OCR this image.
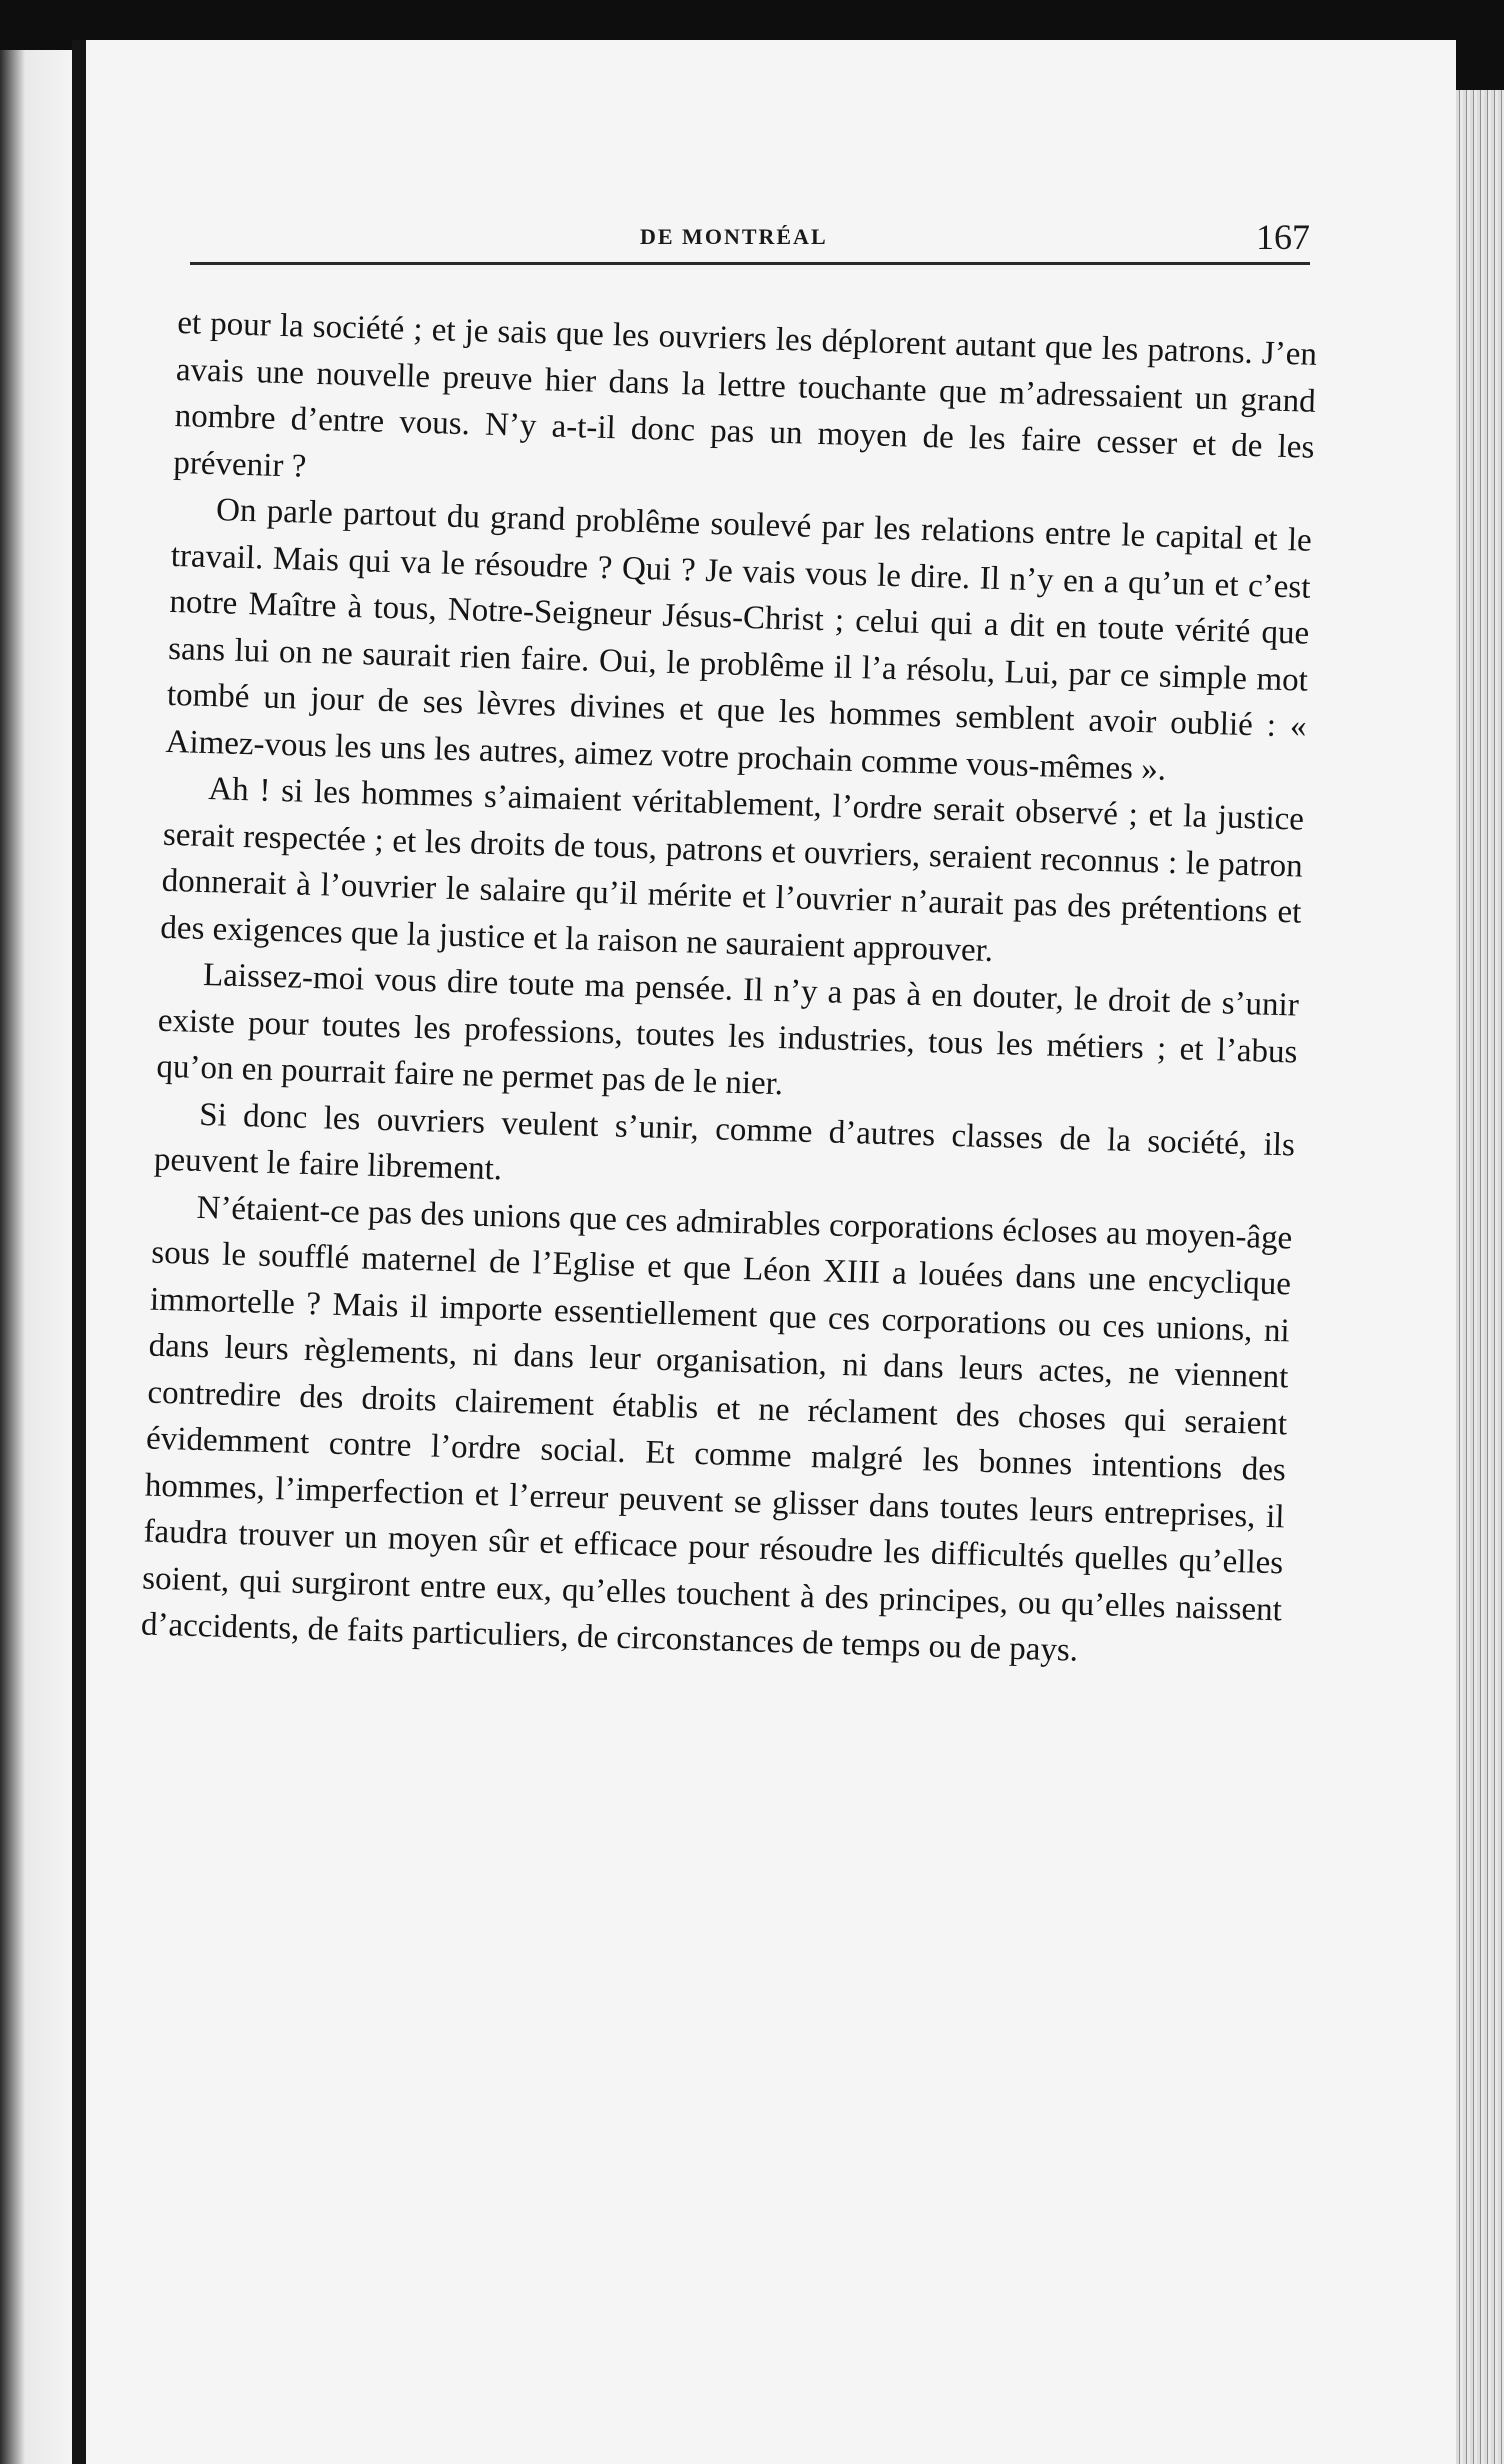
DE MONTRÉAL	167

et pour la société ; et je sais que les ouvriers les déplorent autant que les patrons. J’en avais une nouvelle preuve hier dans la lettre touchante que m’adressaient un grand nombre d’entre vous. N’y a-t-il donc pas un moyen de les faire cesser et de les prévenir ?

On parle partout du grand problême soulevé par les relations entre le capital et le travail. Mais qui va le résoudre ? Qui ? Je vais vous le dire. Il n’y en a qu’un et c’est notre Maître à tous, Notre-Seigneur Jésus-Christ ; celui qui a dit en toute vérité que sans lui on ne saurait rien faire. Oui, le problême il l’a résolu, Lui, par ce simple mot tombé un jour de ses lèvres divines et que les hommes semblent avoir oublié : « Aimez-vous les uns les autres, aimez votre prochain comme vous-mêmes ».

Ah ! si les hommes s’aimaient véritablement, l’ordre serait observé ; et la justice serait respectée ; et les droits de tous, patrons et ouvriers, seraient reconnus : le patron donnerait à l’ouvrier le salaire qu’il mérite et l’ouvrier n’aurait pas des prétentions et des exigences que la justice et la raison ne sauraient approuver.

Laissez-moi vous dire toute ma pensée. Il n’y a pas à en douter, le droit de s’unir existe pour toutes les professions, toutes les industries, tous les métiers ; et l’abus qu’on en pourrait faire ne permet pas de le nier.

Si donc les ouvriers veulent s’unir, comme d’autres classes de la société, ils peuvent le faire librement.

N’étaient-ce pas des unions que ces admirables corporations écloses au moyen-âge sous le soufflé maternel de l’Eglise et que Léon XIII a louées dans une encyclique immortelle ? Mais il importe essentiellement que ces corporations ou ces unions, ni dans leurs règlements, ni dans leur organisation, ni dans leurs actes, ne viennent contredire des droits clairement établis et ne réclament des choses qui seraient évidemment contre l’ordre social. Et comme malgré les bonnes intentions des hommes, l’imperfection et l’erreur peuvent se glisser dans toutes leurs entreprises, il faudra trouver un moyen sûr et efficace pour résoudre les difficultés quelles qu’elles soient, qui surgiront entre eux, qu’elles touchent à des principes, ou qu’elles naissent d’accidents, de faits particuliers, de circonstances de temps ou de pays.
